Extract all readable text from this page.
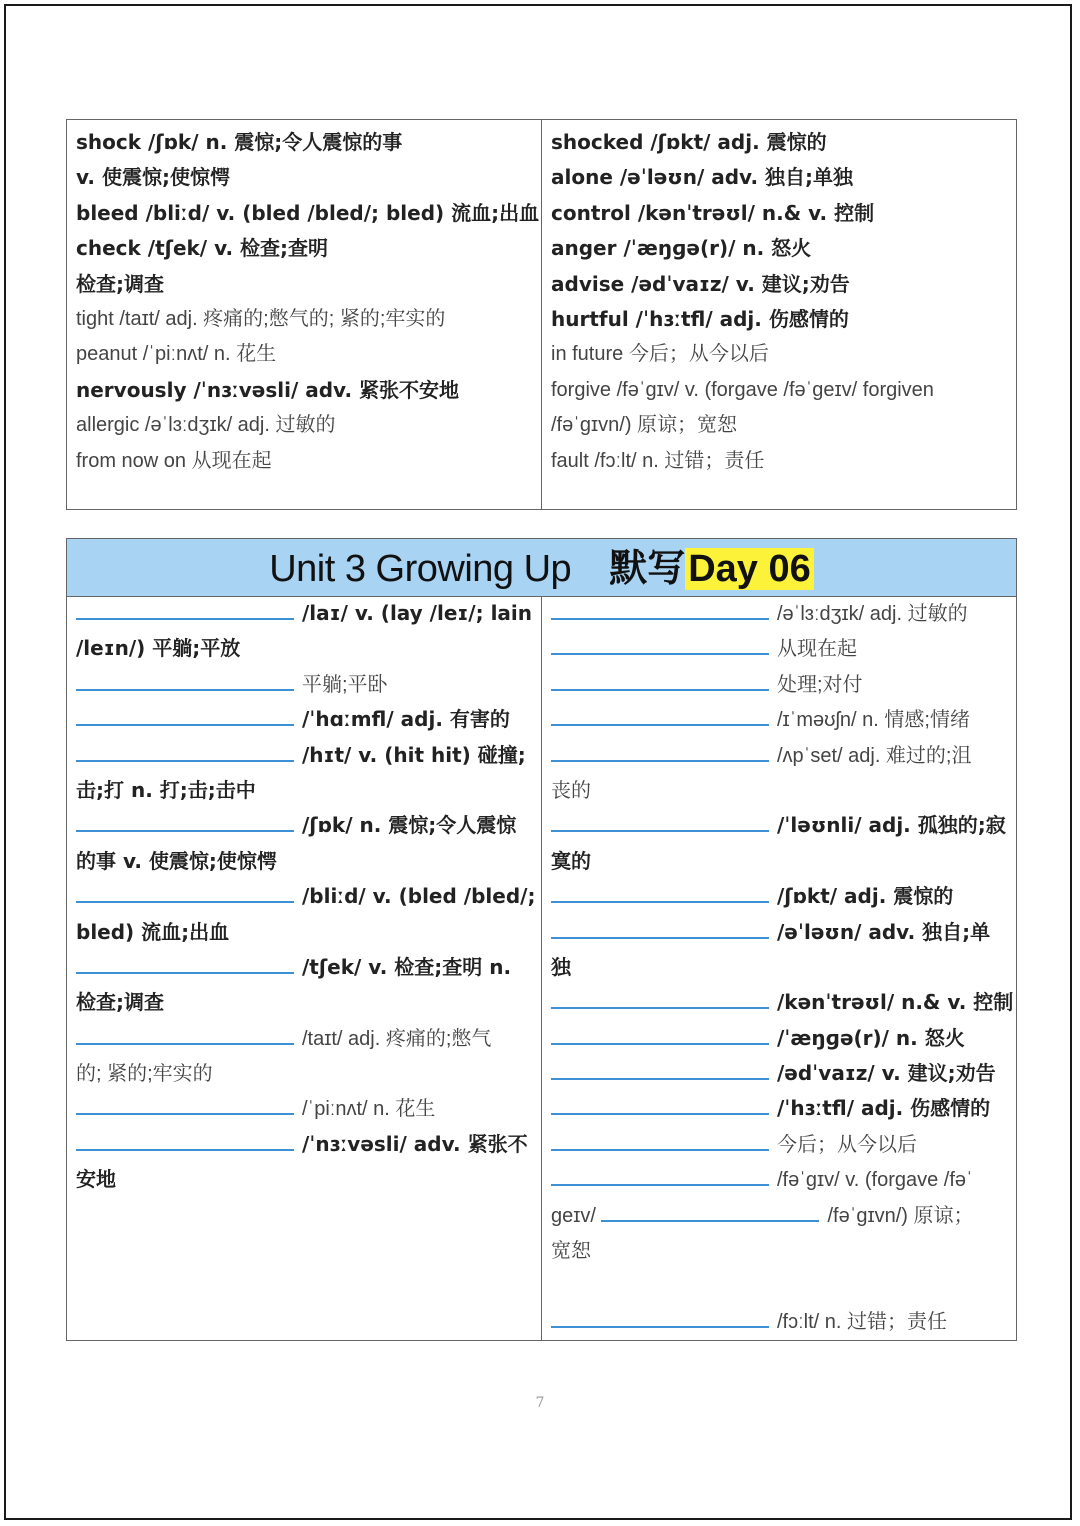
shock /ʃɒk/ n. 震惊;令人震惊的事
v. 使震惊;使惊愕
bleed /bliːd/ v. (bled /bled/; bled) 流血;出血
check /tʃek/ v. 检查;查明
检查;调查
tight /taɪt/ adj. 疼痛的;憋气的; 紧的;牢实的
peanut /ˈpiːnʌt/ n. 花生
nervously /ˈnɜːvəsli/ adv. 紧张不安地
allergic /əˈlɜːdʒɪk/ adj. 过敏的
from now on 从现在起
shocked /ʃɒkt/ adj. 震惊的
alone /əˈləʊn/ adv. 独自;单独
control /kənˈtrəʊl/ n.& v. 控制
anger /ˈæŋɡə(r)/ n. 怒火
advise /ədˈvaɪz/ v. 建议;劝告
hurtful /ˈhɜːtfl/ adj. 伤感情的
in future 今后；从今以后
forgive /fəˈɡɪv/ v. (forgave /fəˈɡeɪv/ forgiven
/fəˈɡɪvn/) 原谅；宽恕
fault /fɔːlt/ n. 过错；责任
Unit 3 Growing Up 默写Day 06
/laɪ/ v. (lay /leɪ/; lain
/leɪn/) 平躺;平放
平躺;平卧
/ˈhɑːmfl/ adj. 有害的
/hɪt/ v. (hit hit) 碰撞;
击;打 n. 打;击;击中
/ʃɒk/ n. 震惊;令人震惊
的事 v. 使震惊;使惊愕
/bliːd/ v. (bled /bled/;
bled) 流血;出血
/tʃek/ v. 检查;查明 n.
检查;调查
/taɪt/ adj. 疼痛的;憋气
的; 紧的;牢实的
/ˈpiːnʌt/ n. 花生
/ˈnɜːvəsli/ adv. 紧张不
安地
/əˈlɜːdʒɪk/ adj. 过敏的
从现在起
处理;对付
/ɪˈməʊʃn/ n. 情感;情绪
/ʌpˈset/ adj. 难过的;沮
丧的
/ˈləʊnli/ adj. 孤独的;寂
寞的
/ʃɒkt/ adj. 震惊的
/əˈləʊn/ adv. 独自;单
独
/kənˈtrəʊl/ n.& v. 控制
/ˈæŋɡə(r)/ n. 怒火
/ədˈvaɪz/ v. 建议;劝告
/ˈhɜːtfl/ adj. 伤感情的
今后；从今以后
/fəˈɡɪv/ v. (forgave /fəˈ
ɡeɪv/	/fəˈɡɪvn/) 原谅；
宽恕
/fɔːlt/ n. 过错；责任
7
